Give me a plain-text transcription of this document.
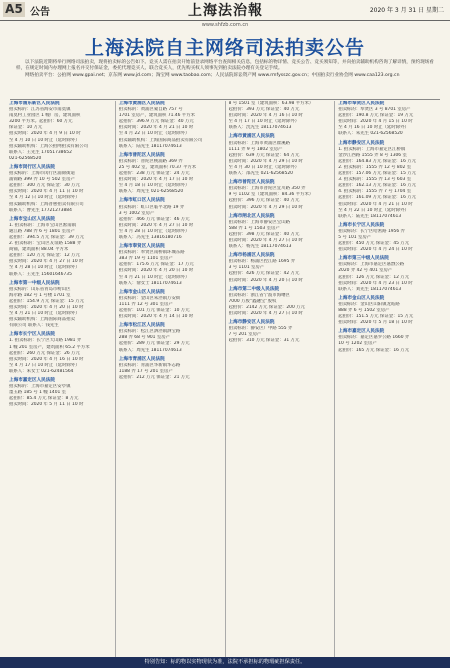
A5 公告	上海法治報	2020 年 3 月 31 日 星期二
www.shfzb.com.cn
上海法院自主网络司法拍卖公告

以下法院近期将举行网络司法拍卖，现将拍卖标的公告如下。竞买人需在拍卖开始前登录网络平台查阅相关信息，包括标的物详情、竞买公告、竞买须知等，并向拍卖辅助机构咨询了解详情，预约现场看样，在规定时间内办理网上报名并交付保证金，委托代理竞买人、联合竞买人，优先购买权人须事先到拍卖法院办理有关登记手续。

网络拍卖平台：公拍网 www.gpai.net；京东网 www.jd.com；淘宝网 www.taobao.com；人民法院诉讼资产网 www.rmfysszc.gov.cn；中国拍卖行业协会网 www.caa123.org.cn

上海市浦东新区人民法院
拍卖标的：江苏省海安市南莫镇
南莫村工业园区 1 幢厂房，建筑面积
3200 平方米。起拍价：60 万元
保证金：10 万元
拍卖时间：2020 年 4 月 9 日 10 时
至 4 月 10 日 10 时止（延时除外）
拍卖辅助机构：上海公拍网拍卖有限公司
联系人：王先生 17051738652
021-62568520
上海市闵行区人民法院
拍卖标的：上海市闵行区浦锦街道
浦锦路 399 弄 10 号 502 室房产
起拍价：300 万元 保证金：30 万元
拍卖时间：2020 年 4 月 11 日 10 时
至 4 月 12 日 10 时止（延时除外）
拍卖辅助机构：上海普惠拍卖有限公司
联系人：曹先生 17721273884
上海市宝山区人民法院
1. 拍卖标的：上海市宝山区淞南镇
通江路 788 弄 6 号 1801 室房产
起拍价：394.5 万元 保证金：39 万元
2. 拍卖标的：宝山区友谊路 1588 弄
商铺，建筑面积 88.04 平方米
起拍价：120 万元 保证金：12 万元
拍卖时间：2020 年 4 月 27 日 10 时
至 4 月 28 日 10 时止（延时除外）
联系人：王先生 15601646735
上海市第一中级人民法院
拍卖标的：山东省青岛市崂山区
海尔路 182 号 1 号楼 1701 室
起拍价：154.9 万元 保证金：15 万元
拍卖时间：2020 年 4 月 20 日 10 时
至 4 月 21 日 10 时止（延时除外）
拍卖辅助机构：上海国际商品拍卖
有限公司 联系人：钱先生
上海市长宁区人民法院
1. 拍卖标的：长宁区天山路 1981 弄
1 幢 201 室房产，建筑面积 65.2 平方米
起拍价：260 万元 保证金：26 万元
拍卖时间：2020 年 4 月 16 日 10 时
至 4 月 17 日 10 时止（延时除外）
联系人：朱女士 021-62481564
上海市嘉定区人民法院
拍卖标的：上海市嘉定区安亭镇
墨玉路 185 号 1 幢 1401 室
起拍价：85.4 万元 保证金：8 万元
拍卖时间：2020 年 5 月 11 日 10 时
上海市黄浦区人民法院
拍卖标的：黄浦区蒙自路 757 号
1701 室房产，建筑面积 71.46 平方米
起拍价：396.9 万元 保证金：40 万元
拍卖时间：2020 年 4 月 21 日 10 时
至 4 月 22 日 10 时止（延时除外）
拍卖辅助机构：上海国际商品拍卖有限公司
联系人：陆先生 18117074613
上海市普陀区人民法院
拍卖标的：普陀区桃浦路 369 弄
25 号 402 室，建筑面积 70.37 平方米
起拍价：238 万元 保证金：24 万元
拍卖时间：2020 年 4 月 17 日 10 时
至 4 月 18 日 10 时止（延时除外）
联系人：周先生 021-62568520
上海市虹口区人民法院
拍卖标的：虹口区临平北路 19 弄
3 号 1002 室房产
起拍价：466 万元 保证金：46 万元
拍卖时间：2020 年 4 月 27 日 10 时
至 4 月 28 日 10 时止（延时除外）
联系人：冯先生 13816180716
上海市奉贤区人民法院
拍卖标的：奉贤区南桥镇环城东路
383 弄 19 号 1101 室房产
起拍价：175.6 万元 保证金：17 万元
拍卖时间：2020 年 4 月 20 日 10 时
至 4 月 21 日 10 时止（延时除外）
联系人：俞女士 18117074613
上海市金山区人民法院
拍卖标的：金山区朱泾镇万安街
1111 弄 12 号 301 室房产
起拍价：101 万元 保证金：10 万元
拍卖时间：2020 年 4 月 14 日 10 时
上海市松江区人民法院
拍卖标的：松江区泗泾镇泗宝路
288 弄 68 号 901 室房产
起拍价：289 万元 保证金：29 万元
联系人：周先生 18117074613
上海市青浦区人民法院
拍卖标的：青浦区华新镇华志路
1188 弄 17 号 201 室房产
起拍价：212 万元 保证金：21 万元
8 号 1501 室（建筑面积：63.98 平方米）
起拍价：393 万元 保证金：40 万元
拍卖时间：2020 年 4 月 16 日 10 时
至 4 月 17 日 10 时止（延时除外）
联系人：沈先生 18117074613
上海市黄浦区人民法院
拍卖标的：上海市黄浦区瞿溪路
1111 弄 9 号 1802 室房产
起拍价：639 万元 保证金：64 万元
拍卖时间：2020 年 4 月 29 日 10 时
至 4 月 30 日 10 时止（延时除外）
联系人：邵先生 021-62568520
上海市普陀区人民法院
拍卖标的：上海市普陀区宜川路 350 弄
9 号 1102 室（建筑面积：84.36 平方米）
起拍价：396 万元 保证金：40 万元
拍卖时间：2020 年 4 月 29 日 10 时
上海市闸北区人民法院
拍卖标的：上海市静安区宝山路
588 弄 1 号 1503 室房产
起拍价：398 万元 保证金：40 万元
拍卖时间：2020 年 4 月 27 日 10 时
联系人：杨先生 18117074613
上海市杨浦区人民法院
拍卖标的：杨浦区控江路 1695 弄
3 号 1101 室房产
起拍价：426 万元 保证金：42 万元
拍卖时间：2020 年 4 月 20 日 10 时
上海市第二中级人民法院
拍卖标的：浙江省宁波市海曙区
7000 万股“鑫融宝”股权
起拍价：2142 万元 保证金：200 万元
拍卖时间：2020 年 4 月 27 日 10 时
上海市静安区人民法院
拍卖标的：静安区广中路 555 弄
7 号 201 室房产
起拍价：310 万元 保证金：31 万元
上海市奉贤区人民法院
拍卖标的：奉贤区 3 号 8701 室房产
起拍价：190.8 万元 保证金：19 万元
拍卖时间：2020 年 4 月 15 日 10 时
至 4 月 16 日 10 时止（延时除外）
联系人：朱先生 021-62568520
上海市静安区人民法院
1. 拍卖标的：上海市嘉定区江桥镇
金沙江西路 1555 弄 8 号 1306 室
起拍价：164.83 万元 保证金：16 万元
2. 拍卖标的：1555 弄 12 号 802 室
起拍价：157.06 万元 保证金：15 万元
3. 拍卖标的：1555 弄 13 号 603 室
起拍价：162.13 万元 保证金：16 万元
4. 拍卖标的：1555 弄 7 号 1704 室
起拍价：161.09 万元 保证金：16 万元
拍卖时间：2020 年 4 月 21 日 10 时
至 4 月 22 日 10 时止（延时除外）
联系人：陆先生 18117074613
上海市长宁区人民法院
拍卖标的：长宁区哈密路 1956 弄
5 号 101 室房产
起拍价：450 万元 保证金：45 万元
拍卖时间：2020 年 4 月 24 日 10 时
上海市第三中级人民法院
拍卖标的：上海市嘉定区嘉戬公路
2020 弄 42 号 401 室房产
起拍价：126 万元 保证金：12 万元
拍卖时间：2020 年 4 月 23 日 10 时
联系人：刘先生 18117074613
上海市金山区人民法院
拍卖标的：金山区山阳镇龙皓路
888 弄 6 号 1502 室房产
起拍价：151.5 万元 保证金：15 万元
拍卖时间：2020 年 5 月 18 日 10 时
上海市嘉定区人民法院
拍卖标的：嘉定区嘉罗公路 1660 弄
10 号 1202 室房产
起拍价：165 万元 保证金：16 万元
特别告知：标的物以实物现状为准，法院不承担标的物瑕疵担保责任。
